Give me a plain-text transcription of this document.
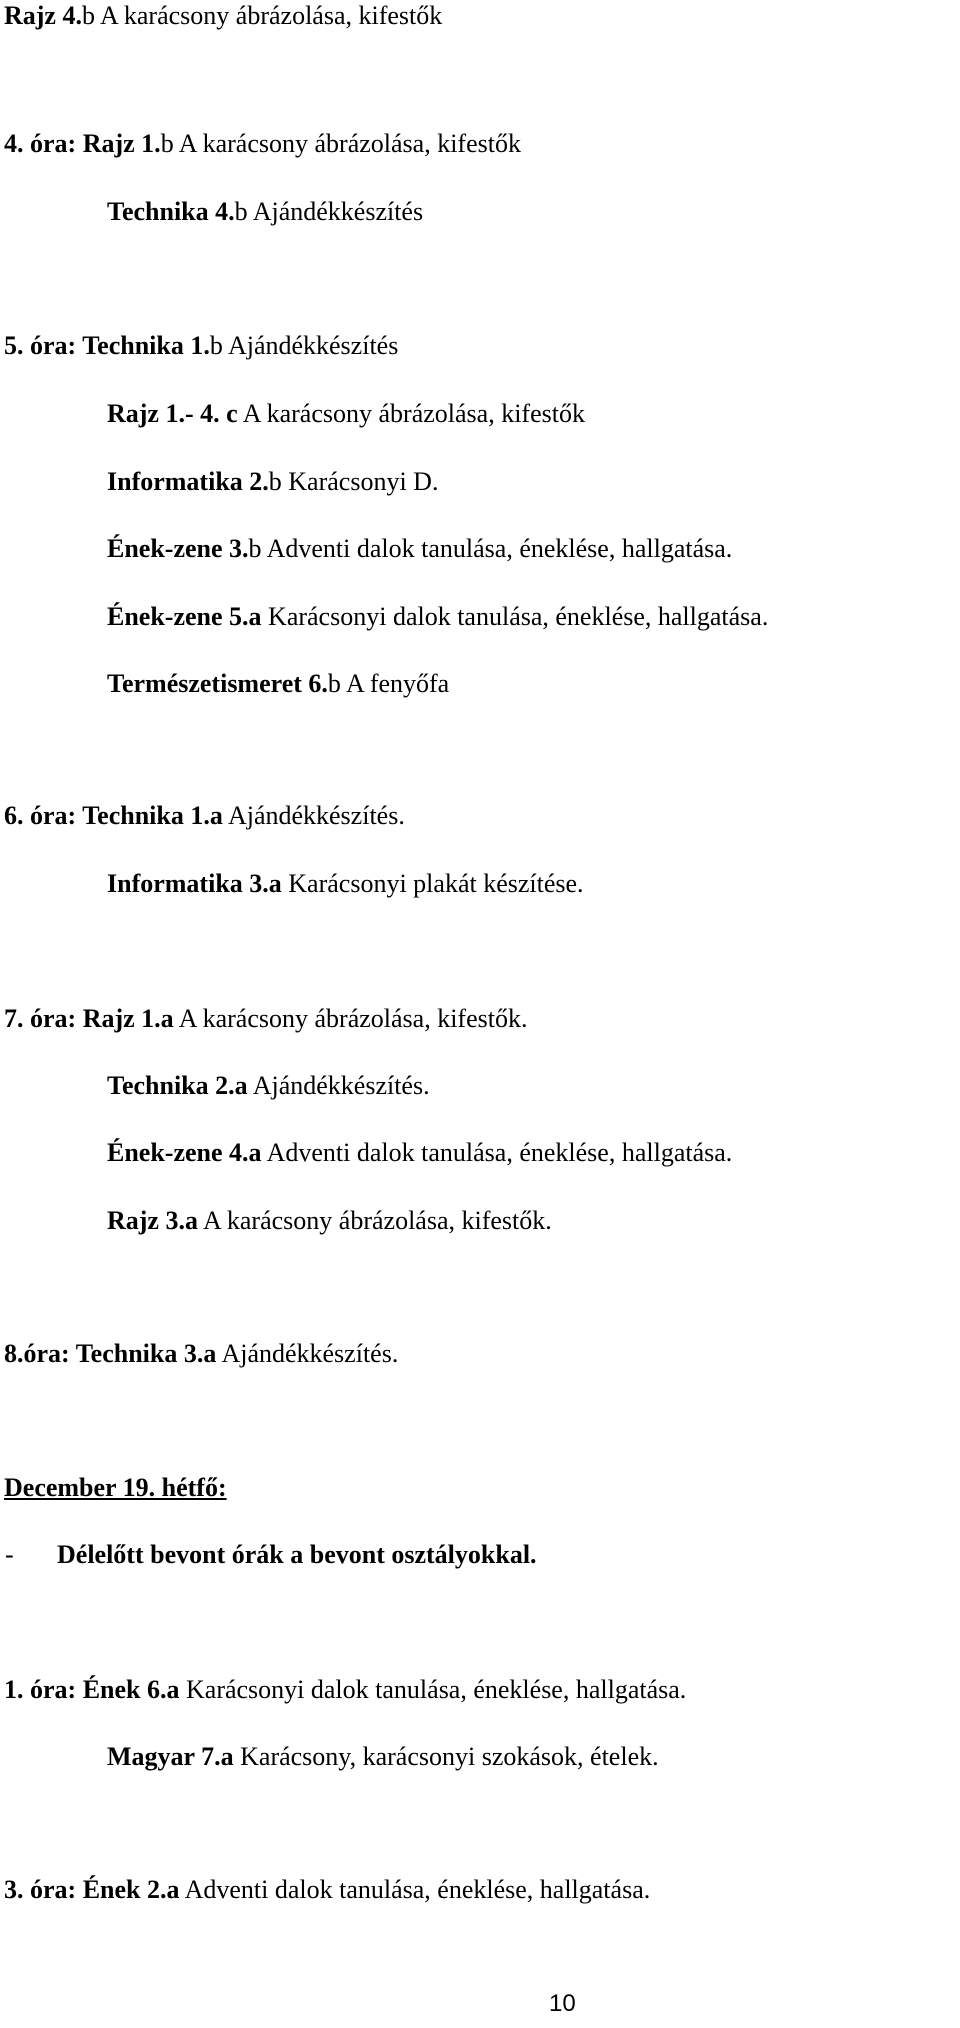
Rajz 4.b A karácsony ábrázolása, kifestők
4. óra: Rajz 1.b A karácsony ábrázolása, kifestők
Technika 4.b Ajándékkészítés
5. óra: Technika 1.b Ajándékkészítés
Rajz 1.- 4. c A karácsony ábrázolása, kifestők
Informatika 2.b Karácsonyi D.
Ének-zene 3.b Adventi dalok tanulása, éneklése, hallgatása.
Ének-zene 5.a Karácsonyi dalok tanulása, éneklése, hallgatása.
Természetismeret 6.b A fenyőfa
6. óra: Technika 1.a Ajándékkészítés.
Informatika 3.a Karácsonyi plakát készítése.
7. óra: Rajz 1.a A karácsony ábrázolása, kifestők.
Technika 2.a Ajándékkészítés.
Ének-zene 4.a Adventi dalok tanulása, éneklése, hallgatása.
Rajz 3.a A karácsony ábrázolása, kifestők.
8.óra: Technika 3.a Ajándékkészítés.
December 19. hétfő:
- Délelőtt bevont órák a bevont osztályokkal.
1. óra: Ének 6.a Karácsonyi dalok tanulása, éneklése, hallgatása.
Magyar 7.a Karácsony, karácsonyi szokások, ételek.
3. óra: Ének 2.a Adventi dalok tanulása, éneklése, hallgatása.
10
